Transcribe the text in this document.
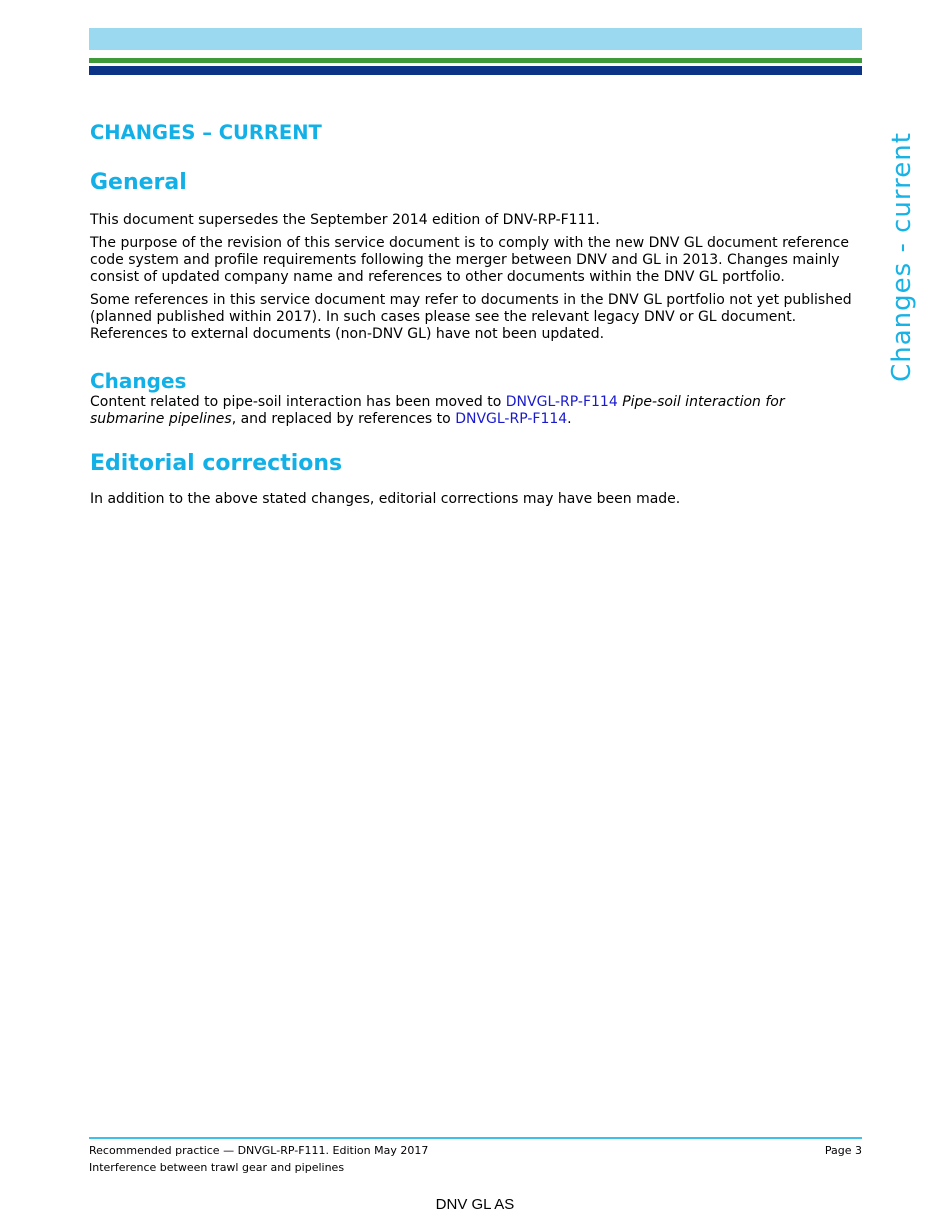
Changes - current
CHANGES – CURRENT
General

This document supersedes the September 2014 edition of DNV-RP-F111.

The purpose of the revision of this service document is to comply with the new DNV GL document reference code system and profile requirements following the merger between DNV and GL in 2013. Changes mainly consist of updated company name and references to other documents within the DNV GL portfolio.

Some references in this service document may refer to documents in the DNV GL portfolio not yet published (planned published within 2017). In such cases please see the relevant legacy DNV or GL document. References to external documents (non-DNV GL) have not been updated.

Changes

Content related to pipe-soil interaction has been moved to DNVGL-RP-F114 Pipe-soil interaction for submarine pipelines, and replaced by references to DNVGL-RP-F114.

Editorial corrections

In addition to the above stated changes, editorial corrections may have been made.

Recommended practice — DNVGL-RP-F111. Edition May 2017
Interference between trawl gear and pipelines
Page 3
DNV GL AS
